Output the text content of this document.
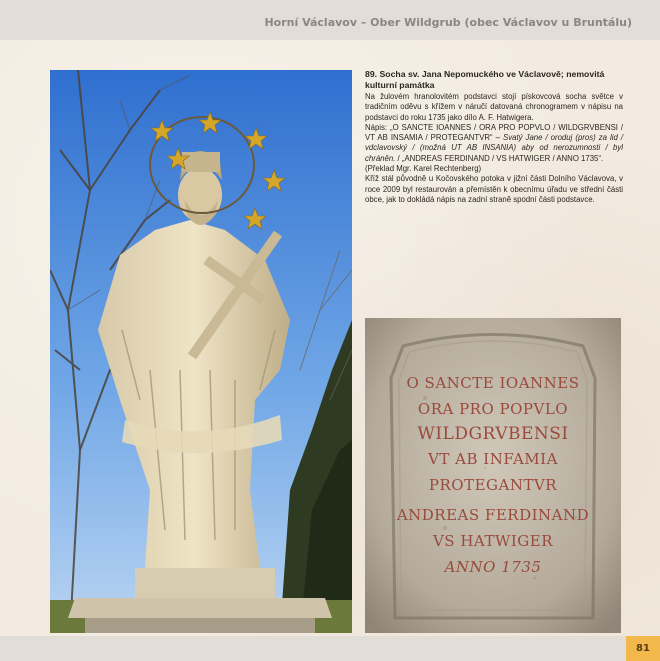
Horní Václavov – Ober Wildgrub (obec Václavov u Bruntálu)
89. Socha sv. Jana Nepomuckého ve Václavově; nemovitá kulturní památka

Na žulovém hranolovitém podstavci stojí pískovcová socha světce v tradičním oděvu s křížem v náručí datovaná chronogramem v nápisu na podstavci do roku 1735 jako dílo A. F. Hatwigera.

Nápis: „O SANCTE IOANNES / ORA PRO POPVLO / WILDGRVBENSI / VT AB INSAMIA / PROTEGANTVR“ – Svatý Jane / oroduj (pros) za lid / vdclavovský / (možná UT AB INSANIA) aby od nerozumnosti / byl chráněn. / „ANDREAS FERDINAND / VS HATWIGER / ANNO 1735“.

(Překlad Mgr. Karel Rechtenberg)

Kříž stál původně u Kočovského potoka v jižní části Dolního Václavova, v roce 2009 byl restaurován a přemístěn k obecnímu úřadu ve střední části obce, jak to dokládá nápis na zadní straně spodní části podstavce.

O SANCTE IOANNES
ORA PRO POPVLO
WILDGRVBENSI
VT AB INFAMIA
PROTEGANTVR
ANDREAS FERDINAND
VS HATWIGER
ANNO 1735
81
